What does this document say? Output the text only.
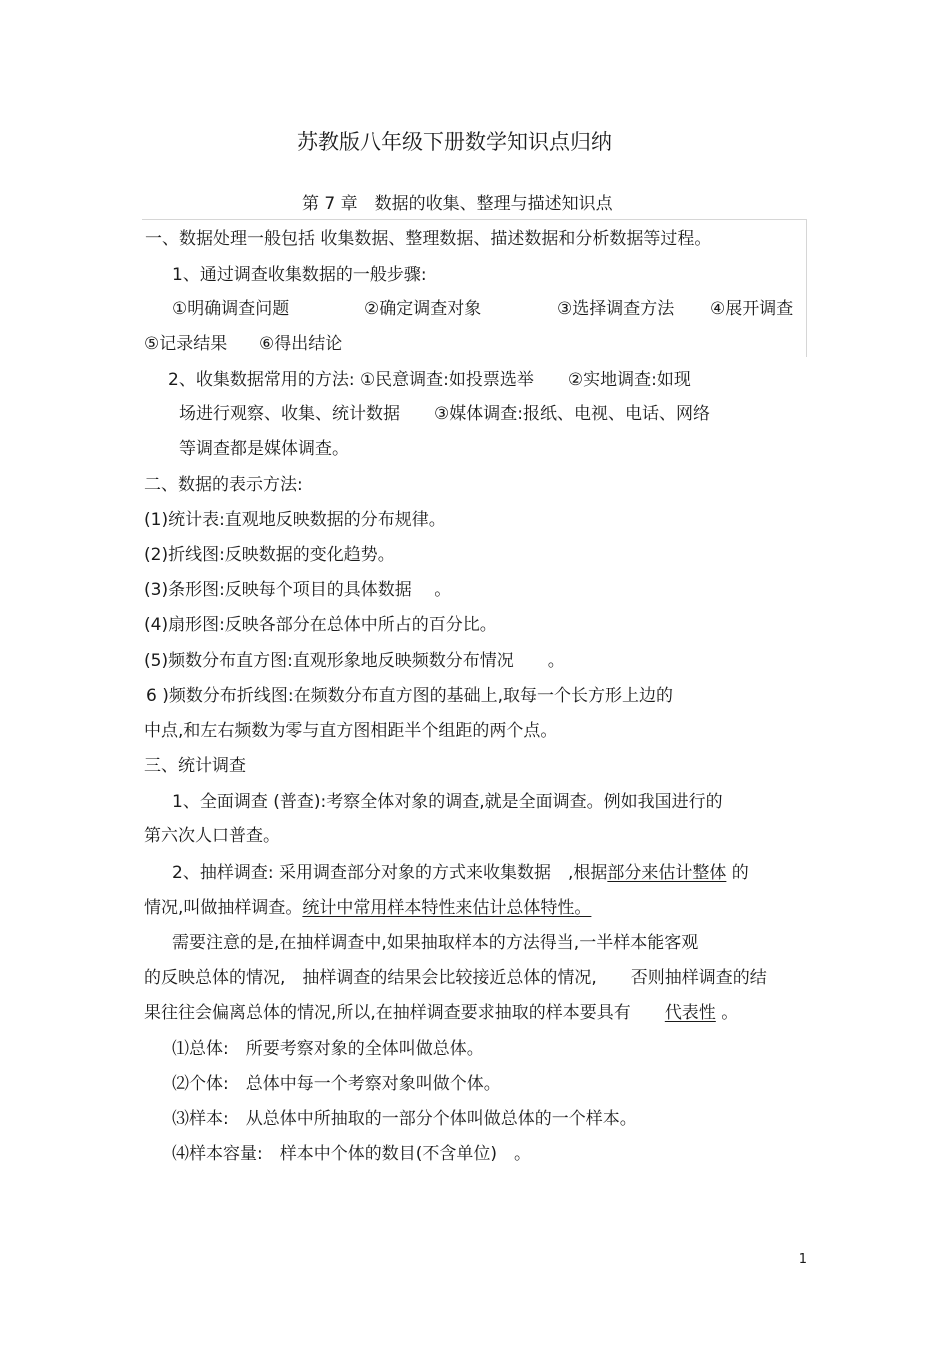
苏教版八年级下册数学知识点归纳
第 7 章　数据的收集、整理与描述知识点
一、数据处理一般包括 收集数据、整理数据、描述数据和分析数据等过程。
1、通过调查收集数据的一般步骤:
①明确调查问题	②确定调查对象	③选择调查方法 ④展开调查
⑤记录结果 ⑥得出结论
2、收集数据常用的方法: ①民意调查:如投票选举　　②实地调查:如现
场进行观察、收集、统计数据　　③媒体调查:报纸、电视、电话、网络
等调查都是媒体调查。
二、数据的表示方法:
(1)统计表:直观地反映数据的分布规律。
(2)折线图:反映数据的变化趋势。
(3)条形图:反映每个项目的具体数据　 。
(4)扇形图:反映各部分在总体中所占的百分比。
(5)频数分布直方图:直观形象地反映频数分布情况　　。
6 )频数分布折线图:在频数分布直方图的基础上,取每一个长方形上边的
中点,和左右频数为零与直方图相距半个组距的两个点。
三、统计调查
1、全面调查 (普查):考察全体对象的调查,就是全面调查。例如我国进行的
第六次人口普查。
2、抽样调查: 采用调查部分对象的方式来收集数据　,根据部分来估计整体 的
情况,叫做抽样调查。统计中常用样本特性来估计总体特性。
需要注意的是,在抽样调查中,如果抽取样本的方法得当,一半样本能客观
的反映总体的情况,　抽样调查的结果会比较接近总体的情况,　　否则抽样调查的结
果往往会偏离总体的情况,所以,在抽样调查要求抽取的样本要具有　　代表性 。
⑴总体:　所要考察对象的全体叫做总体。
⑵个体:　总体中每一个考察对象叫做个体。
⑶样本:　从总体中所抽取的一部分个体叫做总体的一个样本。
⑷样本容量:　样本中个体的数目(不含单位)　。
1
